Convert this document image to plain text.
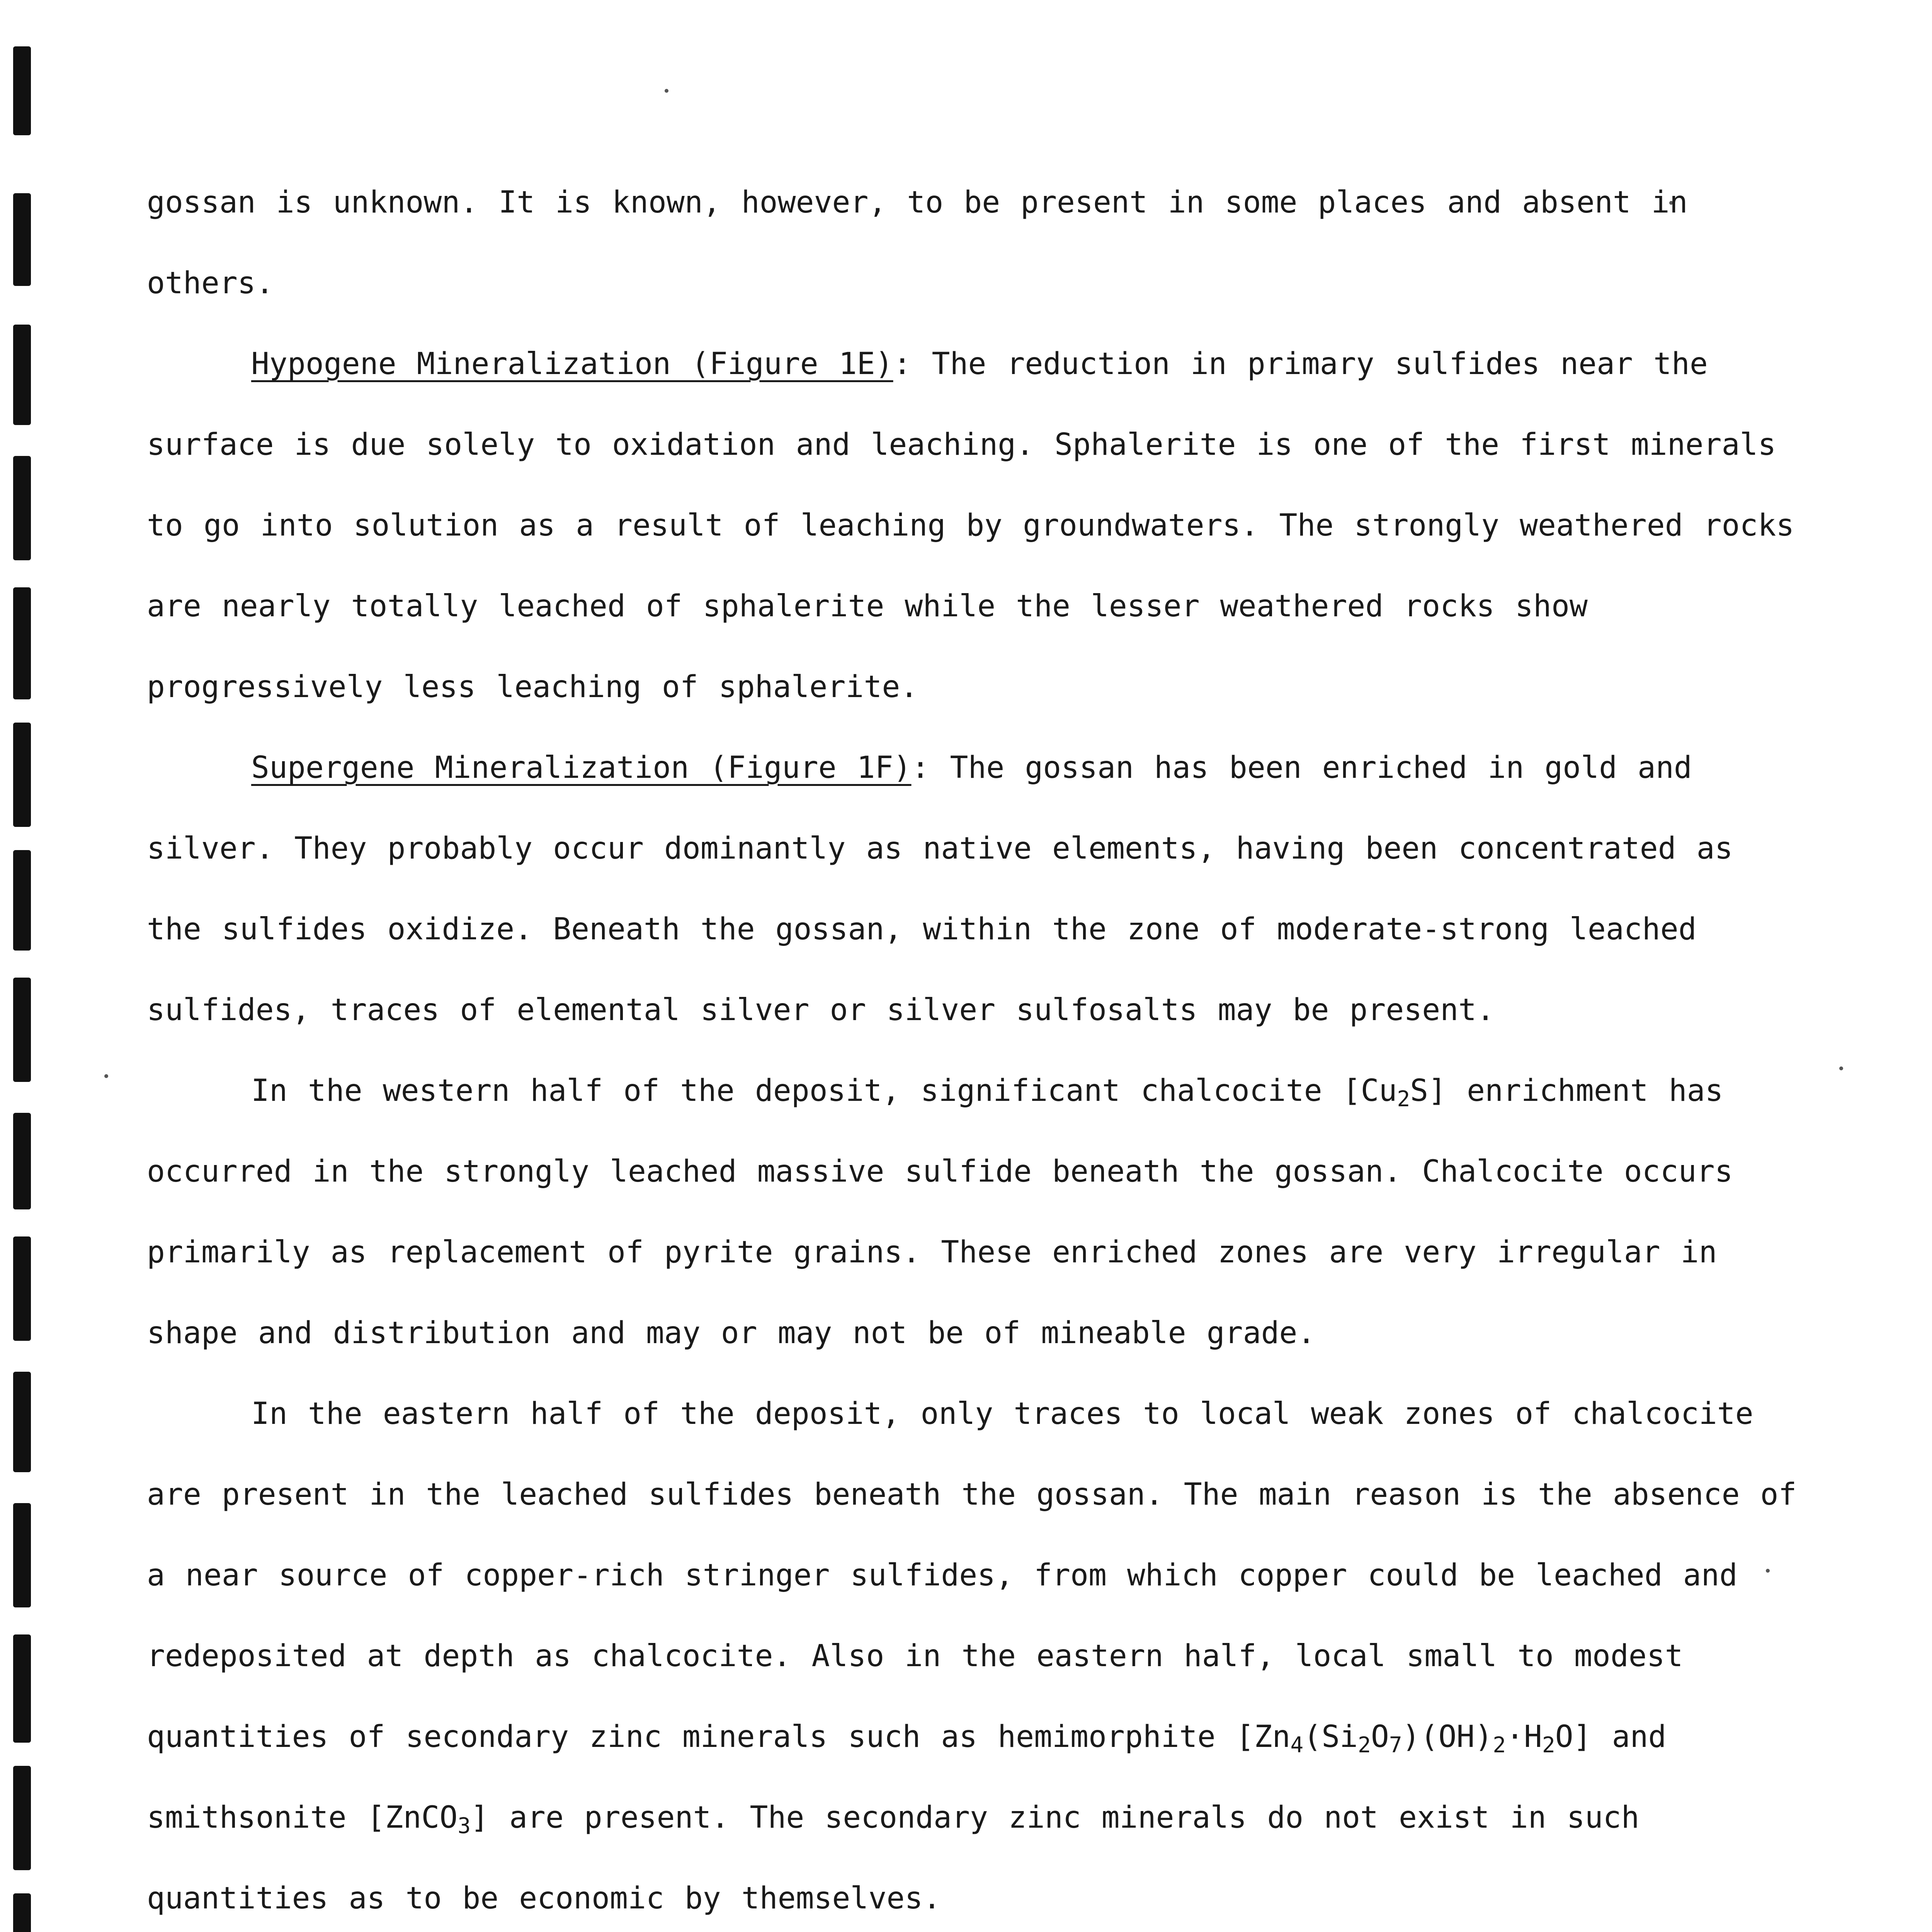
gossan is unknown. It is known, however, to be present in some places and absent in others.

Hypogene Mineralization (Figure 1E): The reduction in primary sulfides near the surface is due solely to oxidation and leaching. Sphalerite is one of the first minerals to go into solution as a result of leaching by groundwaters. The strongly weathered rocks are nearly totally leached of sphalerite while the lesser weathered rocks show progressively less leaching of sphalerite.

Supergene Mineralization (Figure 1F): The gossan has been enriched in gold and silver. They probably occur dominantly as native elements, having been concentrated as the sulfides oxidize. Beneath the gossan, within the zone of moderate-strong leached sulfides, traces of elemental silver or silver sulfosalts may be present.

In the western half of the deposit, significant chalcocite $[Cu_2S]$ enrichment has occurred in the strongly leached massive sulfide beneath the gossan. Chalcocite occurs primarily as replacement of pyrite grains. These enriched zones are very irregular in shape and distribution and may or may not be of mineable grade.

In the eastern half of the deposit, only traces to local weak zones of chalcocite are present in the leached sulfides beneath the gossan. The main reason is the absence of a near source of copper-rich stringer sulfides, from which copper could be leached and redeposited at depth as chalcocite. Also in the eastern half, local small to modest quantities of secondary zinc minerals such as hemimorphite $[Zn_4(Si_2O_7)(OH)_2\cdot H_2O]$ and smithsonite [ZnCO$_3$] are present. The secondary zinc minerals do not exist in such quantities as to be economic by themselves.
